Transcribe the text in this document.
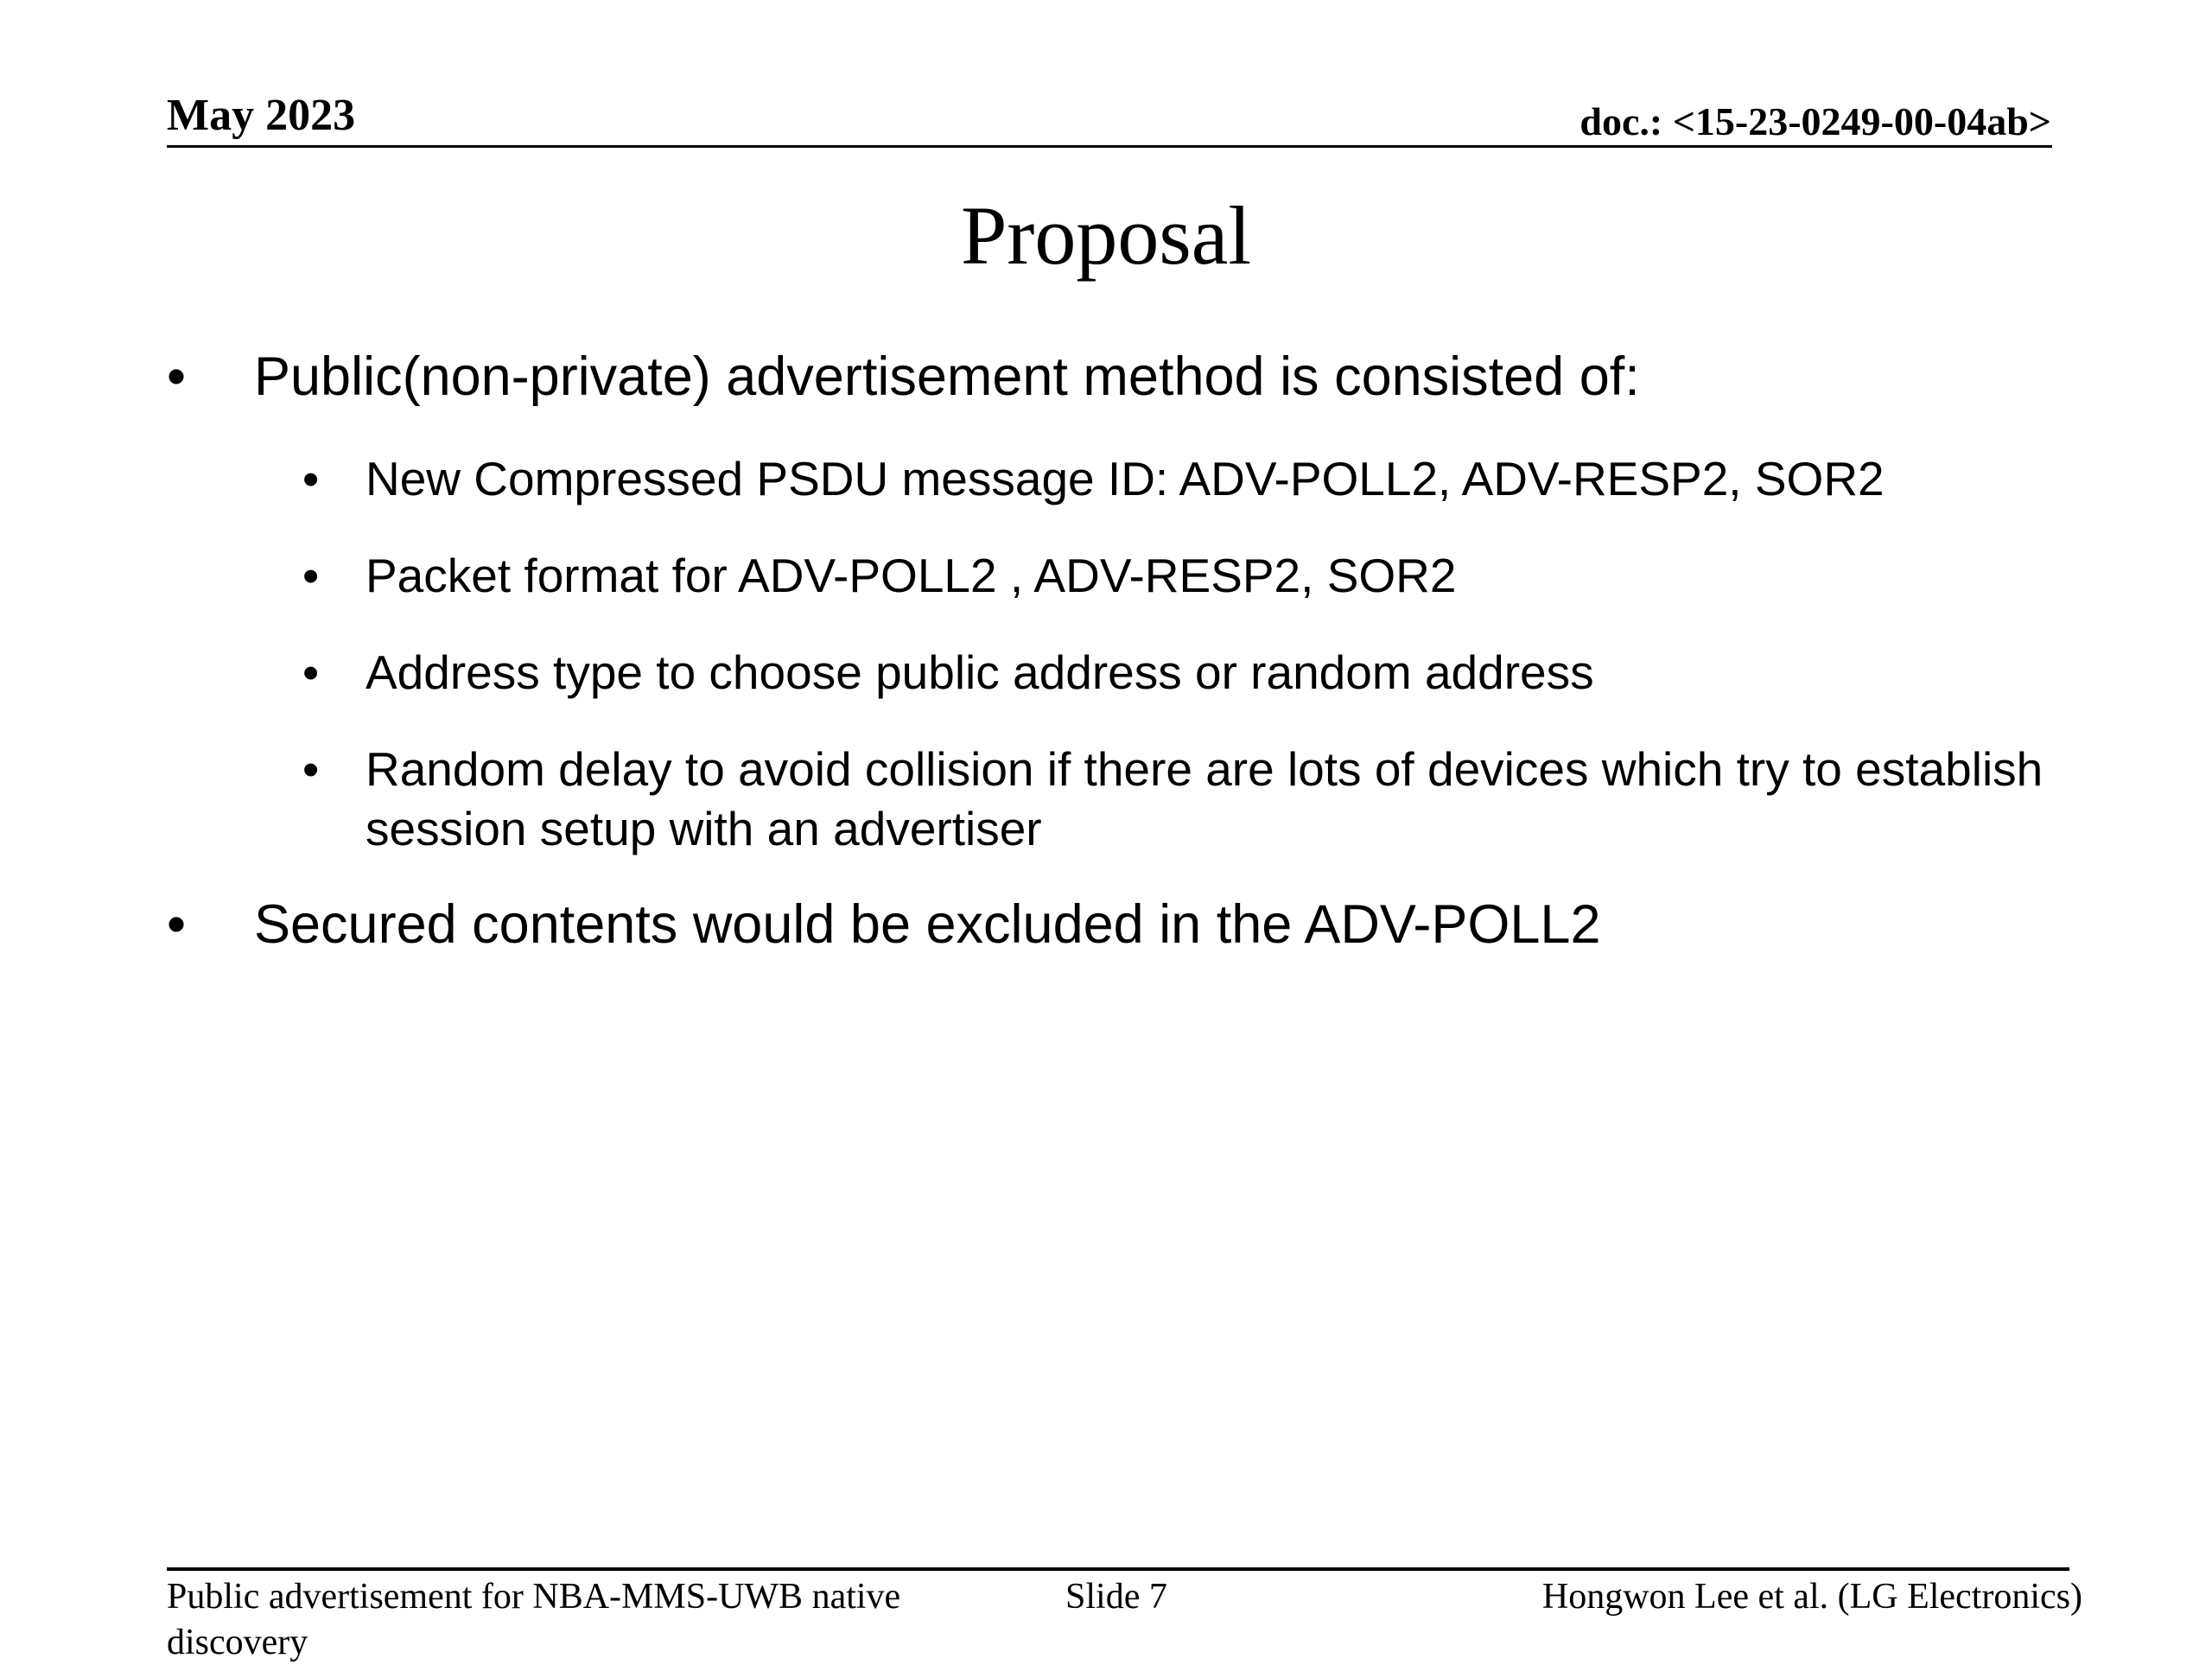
May 2023	doc.: <15-23-0249-00-04ab>
Proposal
• Public(non-private) advertisement method is consisted of:
• New Compressed PSDU message ID: ADV-POLL2, ADV-RESP2, SOR2
• Packet format for ADV-POLL2 , ADV-RESP2, SOR2
• Address type to choose public address or random address
• Random delay to avoid collision if there are lots of devices which try to establish session setup with an advertiser
• Secured contents would be excluded in the ADV-POLL2
Public advertisement for NBA-MMS-UWB native discovery
Slide 7	Hongwon Lee et al. (LG Electronics)
